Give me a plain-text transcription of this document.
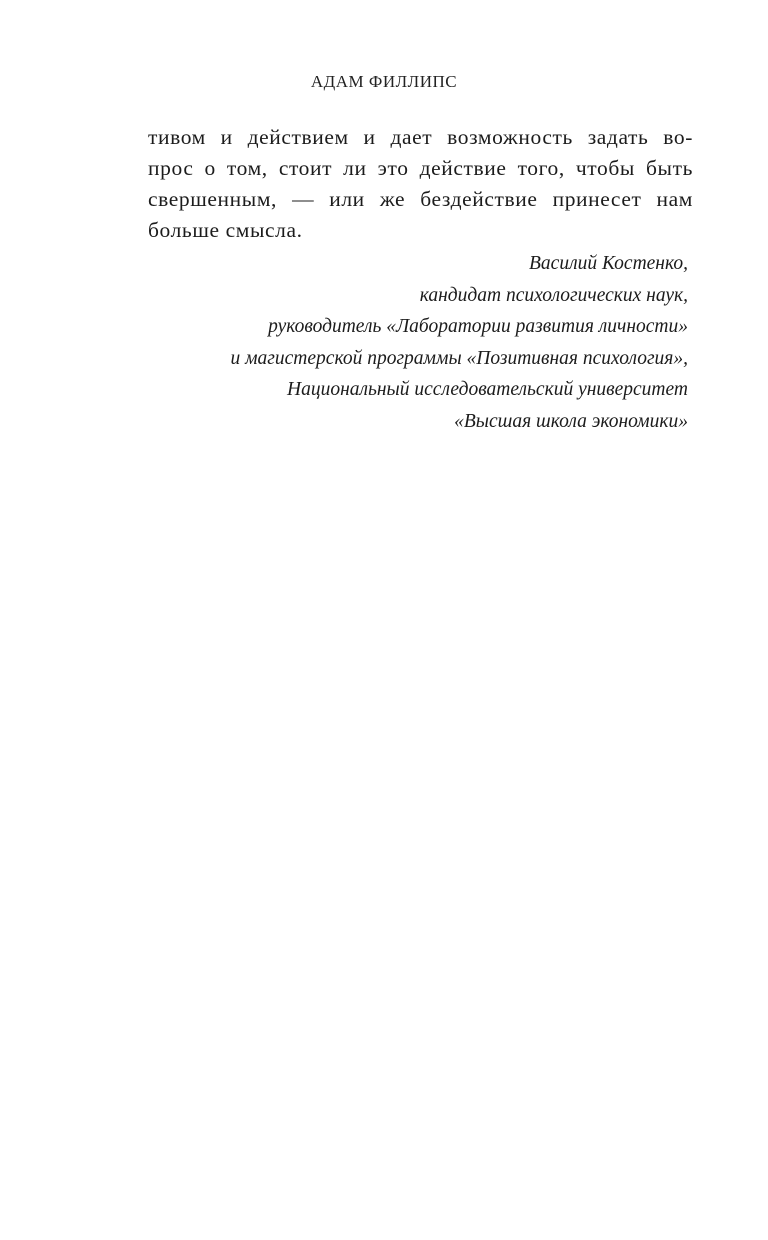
АДАМ ФИЛЛИПС
тивом и действием и дает возможность задать во-
прос о том, стоит ли это действие того, чтобы быть
свершенным, — или же бездействие принесет нам
больше смысла.
Василий Костенко,
кандидат психологических наук,
руководитель «Лаборатории развития личности»
и магистерской программы «Позитивная психология»,
Национальный исследовательский университет
«Высшая школа экономики»
